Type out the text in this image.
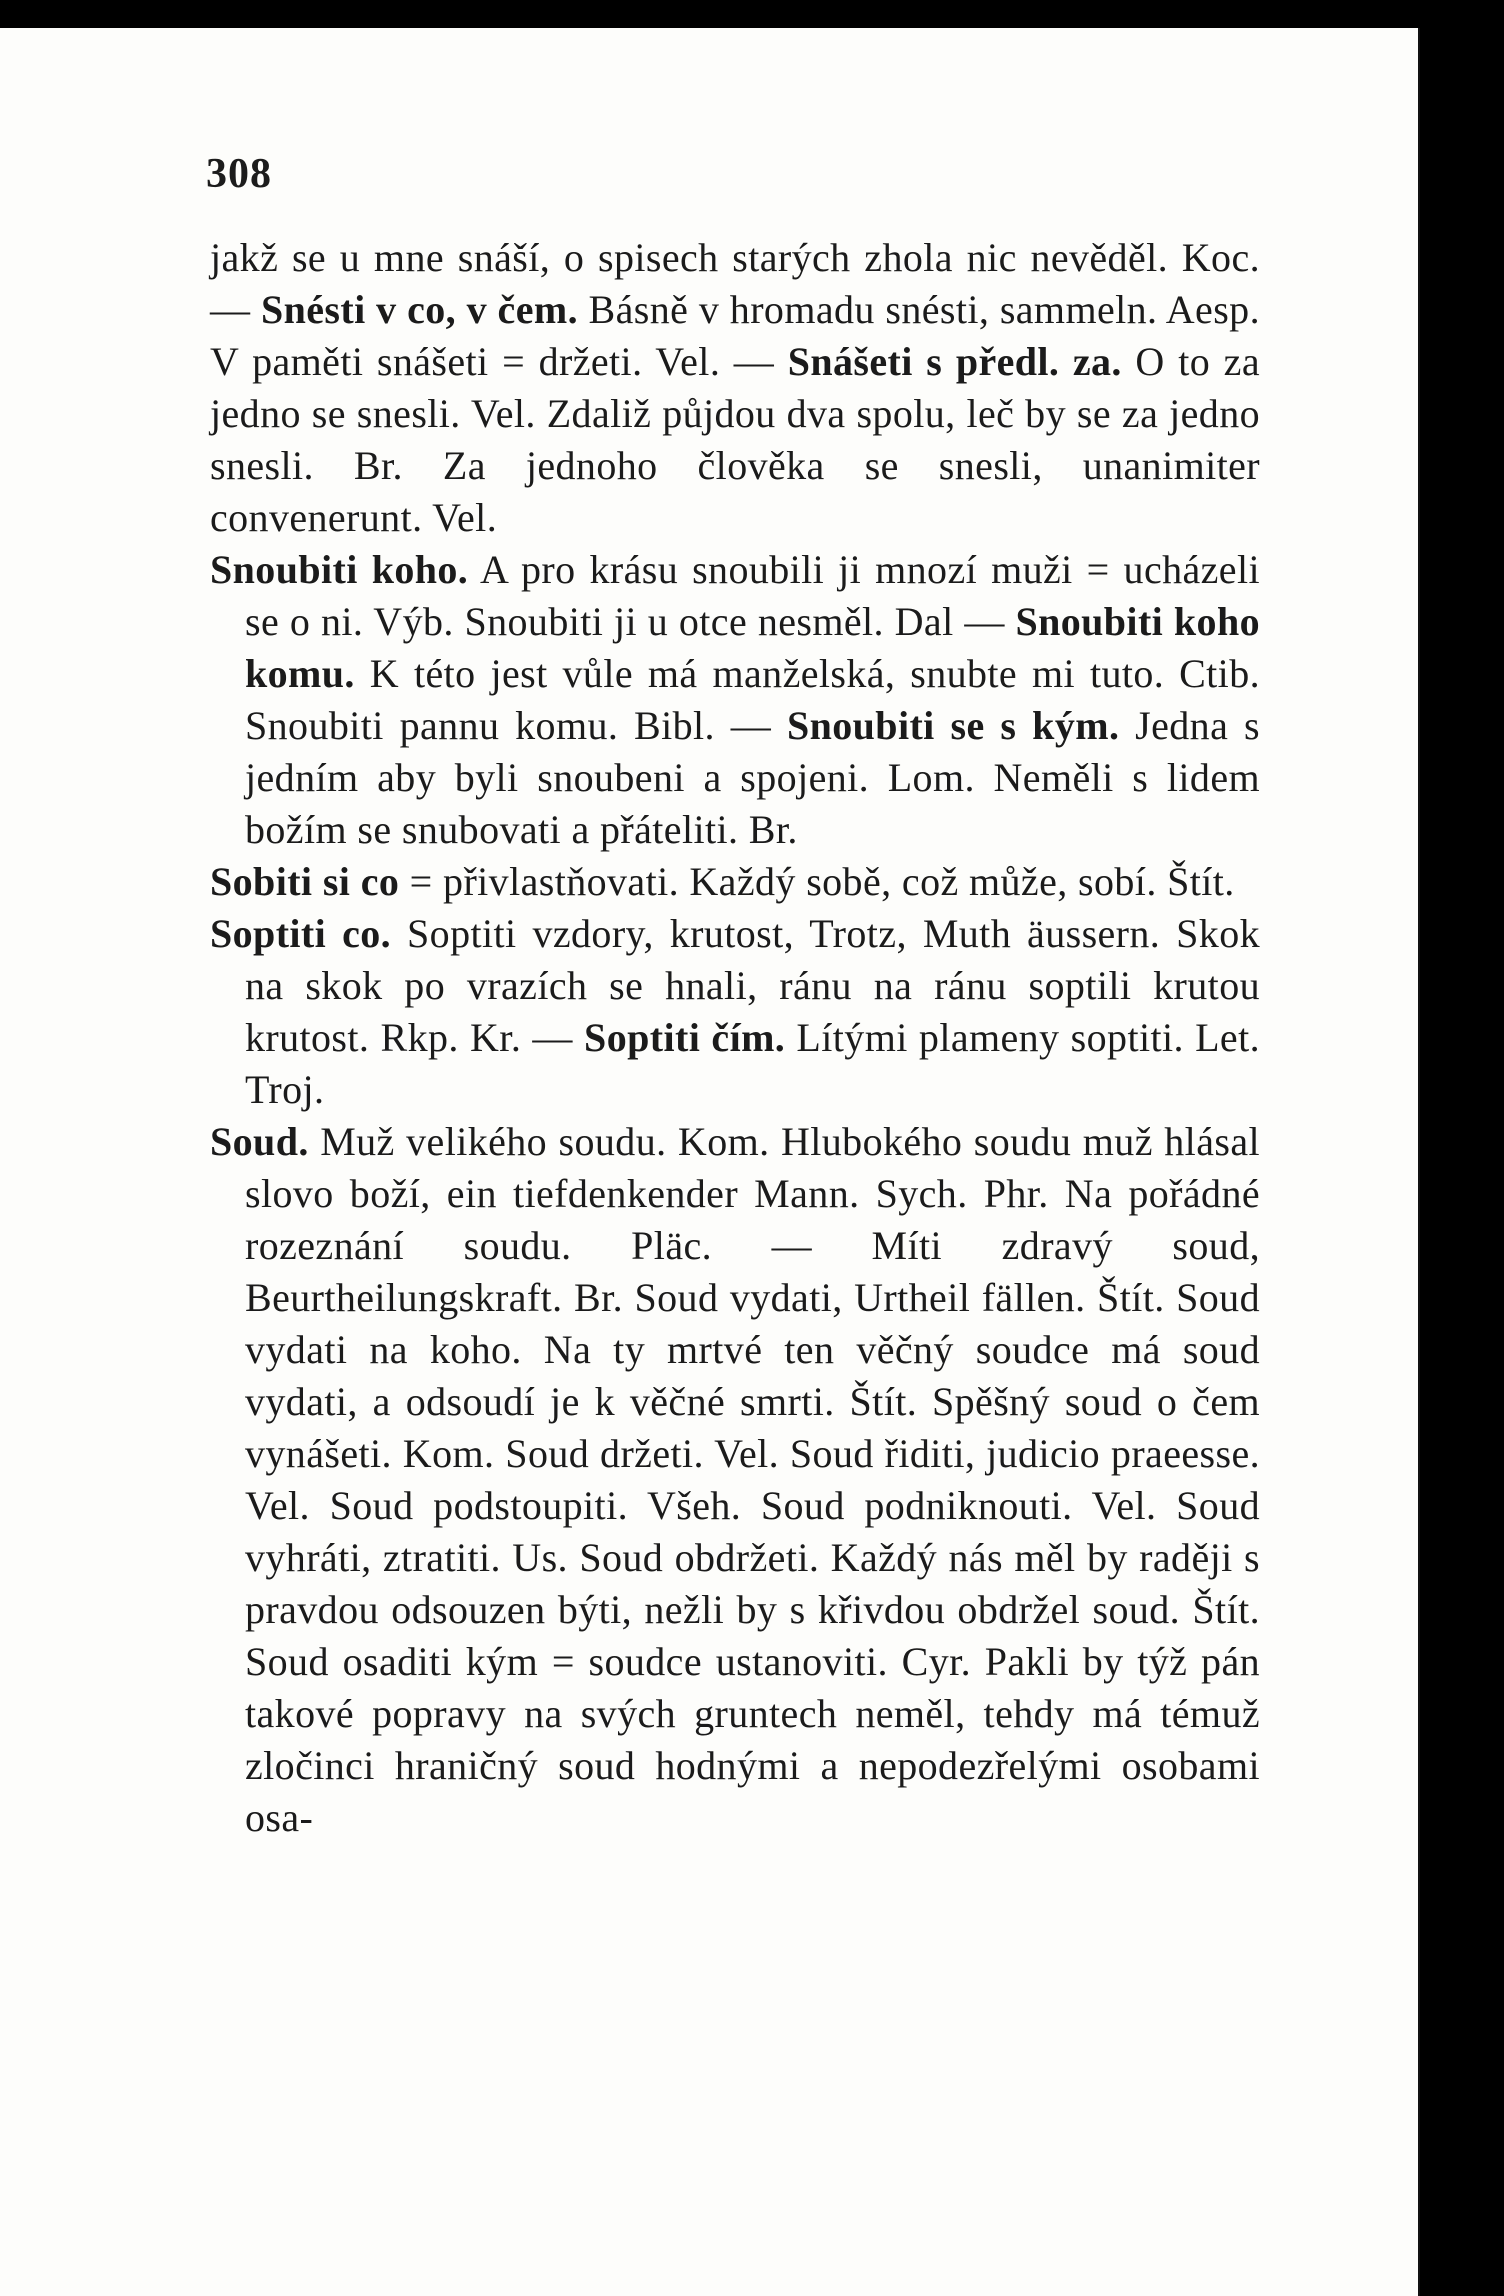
308
jakž se u mne snáší, o spisech starých zhola nic nevěděl. Koc. — Snésti v co, v čem. Básně v hromadu snésti, sammeln. Aesp. V paměti snášeti = držeti. Vel. — Snášeti s předl. za. O to za jedno se snesli. Vel. Zdaliž půjdou dva spolu, leč by se za jedno snesli. Br. Za jednoho člověka se snesli, unanimiter convenerunt. Vel.
Snoubiti koho. A pro krásu snoubili ji mnozí muži = ucházeli se o ni. Výb. Snoubiti ji u otce nesměl. Dal — Snoubiti koho komu. K této jest vůle má manželská, snubte mi tuto. Ctib. Snoubiti pannu komu. Bibl. — Snoubiti se s kým. Jedna s jedním aby byli snoubeni a spojeni. Lom. Neměli s lidem božím se snubovati a přáteliti. Br.
Sobiti si co = přivlastňovati. Každý sobě, což může, sobí. Štít.
Soptiti co. Soptiti vzdory, krutost, Trotz, Muth äussern. Skok na skok po vrazích se hnali, ránu na ránu soptili krutou krutost. Rkp. Kr. — Soptiti čím. Lítými plameny soptiti. Let. Troj.
Soud. Muž velikého soudu. Kom. Hlubokého soudu muž hlásal slovo boží, ein tiefdenkender Mann. Sych. Phr. Na pořádné rozeznání soudu. Pläc. — Míti zdravý soud, Beurtheilungskraft. Br. Soud vydati, Urtheil fällen. Štít. Soud vydati na koho. Na ty mrtvé ten věčný soudce má soud vydati, a odsoudí je k věčné smrti. Štít. Spěšný soud o čem vynášeti. Kom. Soud držeti. Vel. Soud řiditi, judicio praeesse. Vel. Soud podstoupiti. Všeh. Soud podniknouti. Vel. Soud vyhráti, ztratiti. Us. Soud obdržeti. Každý nás měl by raději s pravdou odsouzen býti, nežli by s křivdou obdržel soud. Štít. Soud osaditi kým = soudce ustanoviti. Cyr. Pakli by týž pán takové popravy na svých gruntech neměl, tehdy má témuž zločinci hraničný soud hodnými a nepodezřelými osobami osa-
